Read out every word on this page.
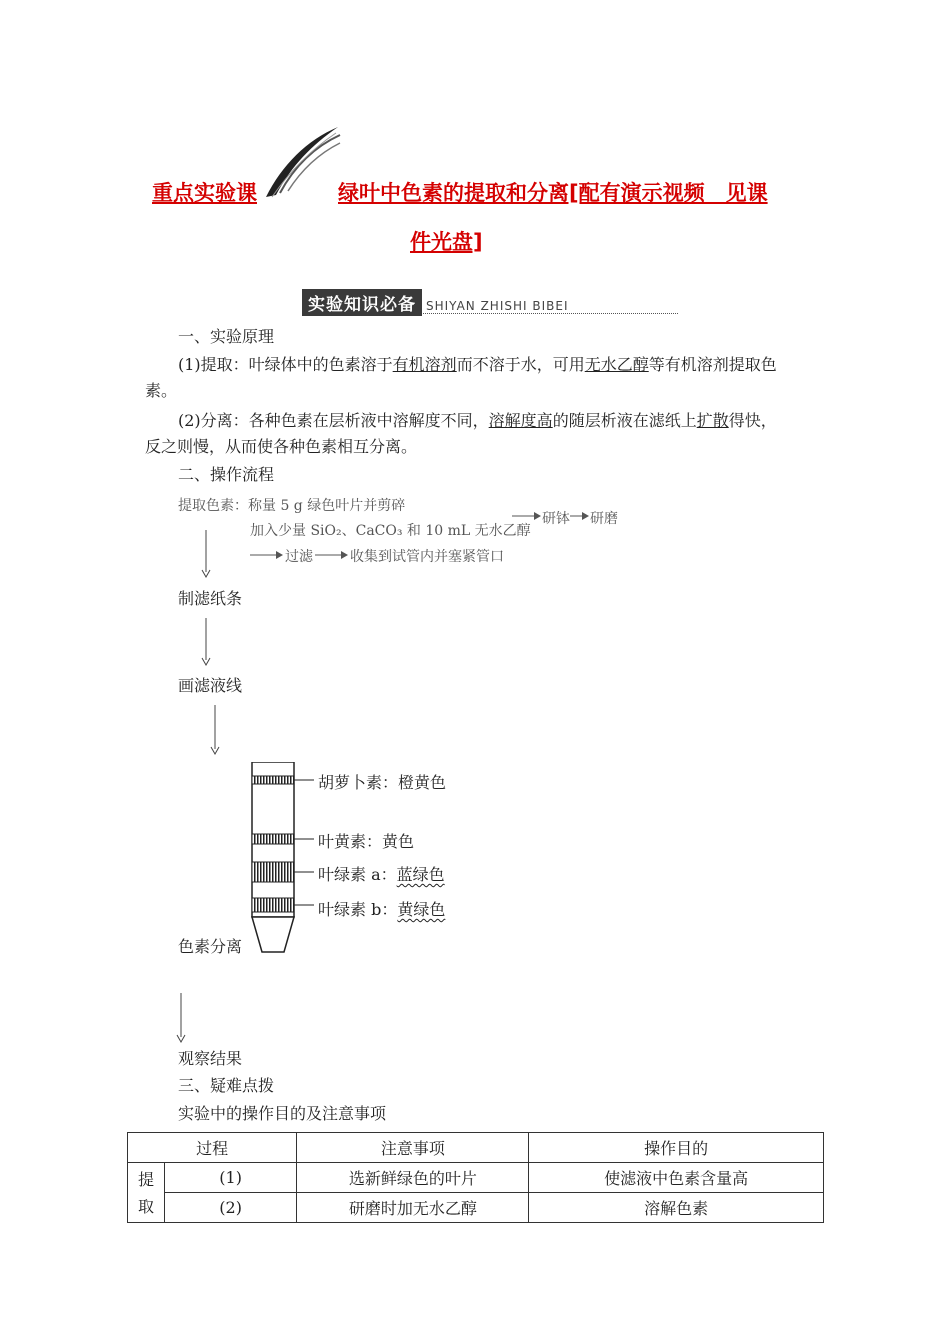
重点实验课	绿叶中色素的提取和分离[配有演示视频　见课
件光盘]
实验知识必备 SHIYAN ZHISHI BIBEI
一、实验原理
(1)提取：叶绿体中的色素溶于有机溶剂而不溶于水，可用无水乙醇等有机溶剂提取色
素。
(2)分离：各种色素在层析液中溶解度不同，溶解度高的随层析液在滤纸上扩散得快，
反之则慢，从而使各种色素相互分离。
二、操作流程
提取色素：称量 5 g 绿色叶片并剪碎
加入少量 SiO₂、CaCO₃ 和 10 mL 无水乙醇
研钵 研磨
过滤	收集到试管内并塞紧管口
制滤纸条
画滤液线
胡萝卜素：橙黄色
叶黄素：黄色
叶绿素 a：蓝绿色
叶绿素 b：黄绿色
色素分离
观察结果
三、疑难点拨
实验中的操作目的及注意事项
过程		注意事项	操作目的
提
取	(1)	选新鲜绿色的叶片	使滤液中色素含量高
	(2)	研磨时加无水乙醇	溶解色素
